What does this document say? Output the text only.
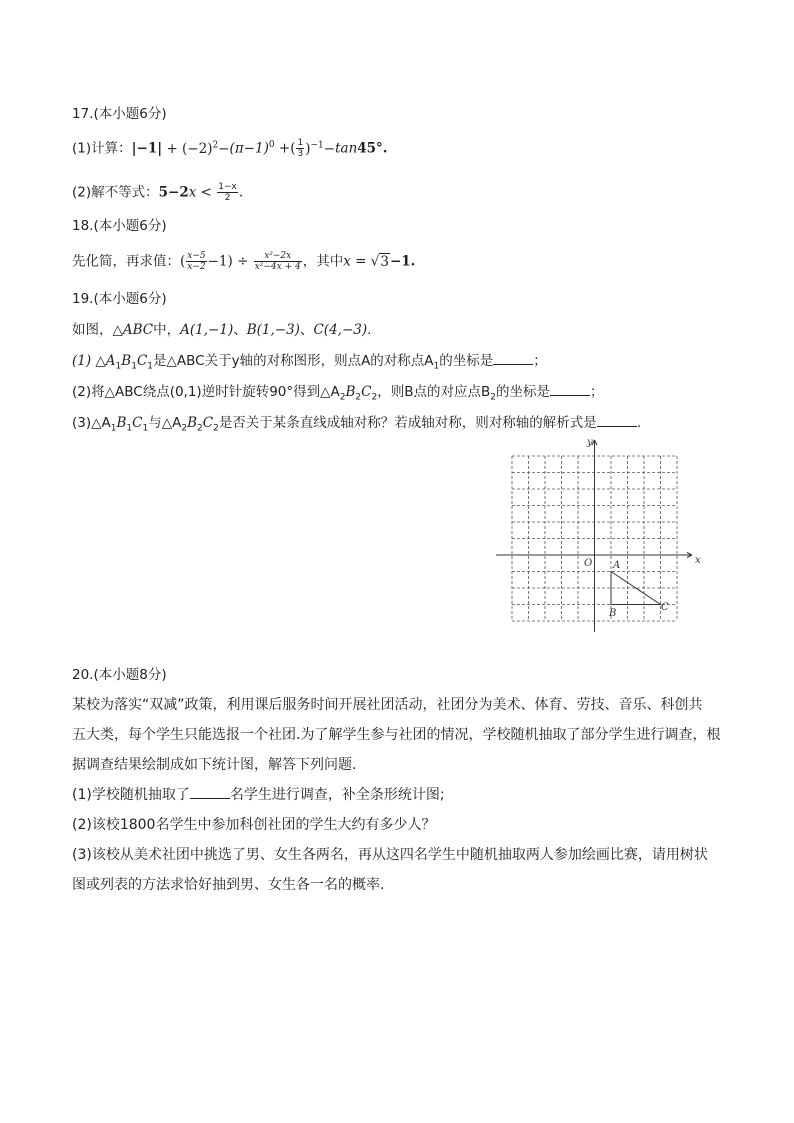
17.(本小题6分)
(1)计算：$|-1| + (-2)^2-(\pi-1)^0$ +( $\frac{1}{3} )^{-1}-\tan 45^\circ$.
(2)解不等式：$5-2x < \frac{1-x}{2}$ .
18.(本小题6分)
先化简，再求值：( $\frac{x-5}{x-2} -1) \div \frac{\text{x²−2x}}{\text{x²−4x + 4}}$ ，其中x = √3−1.
19.(本小题6分)
如图，△ABC中，A(1,−1)、B(1,−3)、C(4,−3).
(1) $\triangle A_1B_1C_1$是△ABC关于y轴的对称图形，则点A的对称点$A_1$的坐标是	；
(2)将△ABC绕点(0,1)逆时针旋转90°得到$\triangle A_2B_2C_2$，则B点的对应点$B_2$的坐标是	；
$(3)\triangle A_1B_1C_1$与$\triangle A_2B_2C_2$是否关于某条直线成轴对称？若成轴对称，则对称轴的解析式是	.
x
y
O A
B
C
20.(本小题8分)
某校为落实“双减”政策，利用课后服务时间开展社团活动，社团分为美术、体育、劳技、音乐、科创共
五大类，每个学生只能选报一个社团.为了解学生参与社团的情况，学校随机抽取了部分学生进行调查，根
据调查结果绘制成如下统计图，解答下列问题.
(1)学校随机抽取了	名学生进行调查，补全条形统计图;
(2)该校1800名学生中参加科创社团的学生大约有多少人？
(3)该校从美术社团中挑选了男、女生各两名，再从这四名学生中随机抽取两人参加绘画比赛，请用树状
图或列表的方法求恰好抽到男、女生各一名的概率.
